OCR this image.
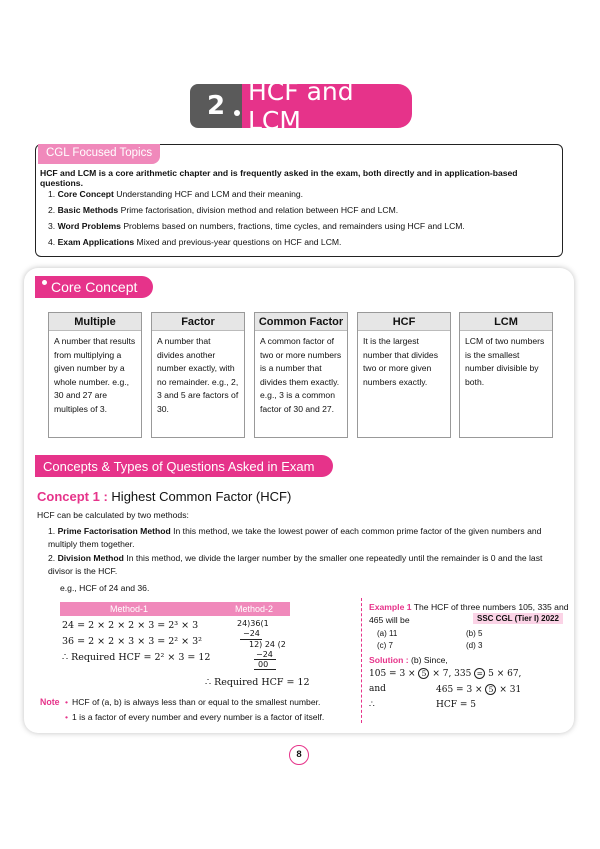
2 HCF and LCM
CGL Focused Topics
HCF and LCM is a core arithmetic chapter and is frequently asked in the exam, both directly and in application-based questions.
1. Core Concept Understanding HCF and LCM and their meaning.
2. Basic Methods Prime factorisation, division method and relation between HCF and LCM.
3. Word Problems Problems based on numbers, fractions, time cycles, and remainders using HCF and LCM.
4. Exam Applications Mixed and previous-year questions on HCF and LCM.
Core Concept
Multiple
A number that results from multiplying a given number by a whole number. e.g., 30 and 27 are multiples of 3.
Factor
A number that divides another number exactly, with no remainder. e.g., 2, 3 and 5 are factors of 30.
Common Factor
A common factor of two or more numbers is a number that divides them exactly. e.g., 3 is a common factor of 30 and 27.
HCF
It is the largest number that divides two or more given numbers exactly.
LCM
LCM of two numbers is the smallest number divisible by both.
Concepts & Types of Questions Asked in Exam
Concept 1 : Highest Common Factor (HCF)
HCF can be calculated by two methods:
1. Prime Factorisation Method In this method, we take the lowest power of each common prime factor of the given numbers and multiply them together.
2. Division Method In this method, we divide the larger number by the smaller one repeatedly until the remainder is 0 and the last divisor is the HCF.
e.g., HCF of 24 and 36.
Method-1	Method-2
24 = 2 × 2 × 2 × 3 = 2³ × 3
36 = 2 × 2 × 3 × 3 = 2² × 3²
∴ Required HCF = 2² × 3 = 12
24)36(1
−24
12) 24 (2
−24
00
∴ Required HCF = 12
Note • HCF of (a, b) is always less than or equal to the smallest number.
• 1 is a factor of every number and every number is a factor of itself.
Example 1 The HCF of three numbers 105, 335 and 465 will be	SSC CGL (Tier I) 2022
(a) 11	(b) 5
(c) 7	(d) 3
Solution : (b) Since,
105 = 3 × 5 × 7, 335 = 5 × 67,
and	465 = 3 × 5 × 31
∴	HCF = 5
8
